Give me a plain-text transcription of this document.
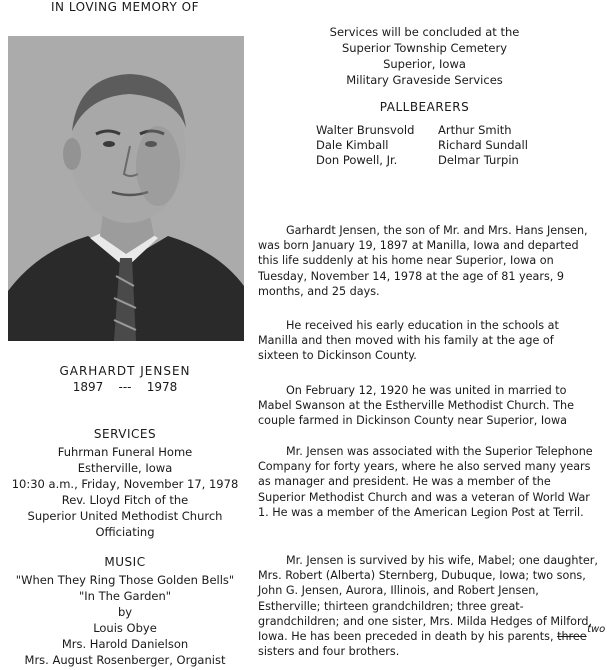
IN LOVING MEMORY OF
GARHARDT JENSEN
1897 --- 1978
SERVICES
Fuhrman Funeral Home
Estherville, Iowa
10:30 a.m., Friday, November 17, 1978
Rev. Lloyd Fitch of the
Superior United Methodist Church
Officiating
MUSIC
"When They Ring Those Golden Bells"
"In The Garden"
by
Louis Obye
Mrs. Harold Danielson
Mrs. August Rosenberger, Organist
Services will be concluded at the
Superior Township Cemetery
Superior, Iowa
Military Graveside Services
PALLBEARERS
Walter Brunsvold	Arthur Smith
Dale Kimball	Richard Sundall
Don Powell, Jr.	Delmar Turpin

Garhardt Jensen, the son of Mr. and Mrs. Hans Jensen, was born January 19, 1897 at Manilla, Iowa and departed this life suddenly at his home near Superior, Iowa on Tuesday, November 14, 1978 at the age of 81 years, 9 months, and 25 days.

He received his early education in the schools at Manilla and then moved with his family at the age of sixteen to Dickinson County.

On February 12, 1920 he was united in married to Mabel Swanson at the Estherville Methodist Church. The couple farmed in Dickinson County near Superior, Iowa

Mr. Jensen was associated with the Superior Telephone Company for forty years, where he also served many years as manager and president. He was a member of the Superior Methodist Church and was a veteran of World War 1. He was a member of the American Legion Post at Terril.

Mr. Jensen is survived by his wife, Mabel; one daughter, Mrs. Robert (Alberta) Sternberg, Dubuque, Iowa; two sons, John G. Jensen, Aurora, Illinois, and Robert Jensen, Estherville; thirteen grandchildren; three great-grandchildren; and one sister, Mrs. Milda Hedges of Milford, Iowa. He has been preceded in death by his parents,
two
three sisters and four brothers.
